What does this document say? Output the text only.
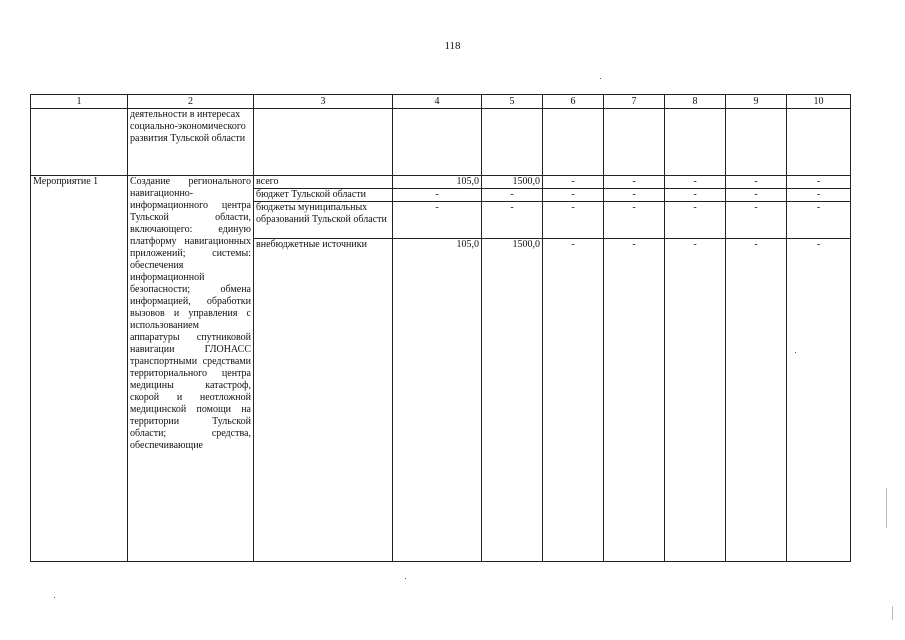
118
1	2	3	4	5	6	7	8	9	10
	деятельности в интересах социально-экономического развития Тульской области								
Мероприятие 1	Создание регионального навигационно-информационного центра Тульской области, включающего: единую платформу навигационных приложений; системы: обеспечения информационной безопасности; обмена информацией, обработки вызовов и управления с использованием аппаратуры спутниковой навигации ГЛОНАСС транспортными средствами территориального центра медицины катастроф, скорой и неотложной медицинской помощи на территории Тульской области; средства, обеспечивающие	всего	105,0	1500,0	-	-	-	-	-
		бюджет Тульской области	-	-	-	-	-	-	-
		бюджеты муниципальных образований Тульской области	-	-	-	-	-	-	-
		внебюджетные источники	105,0	1500,0	-	-	-	-	-
